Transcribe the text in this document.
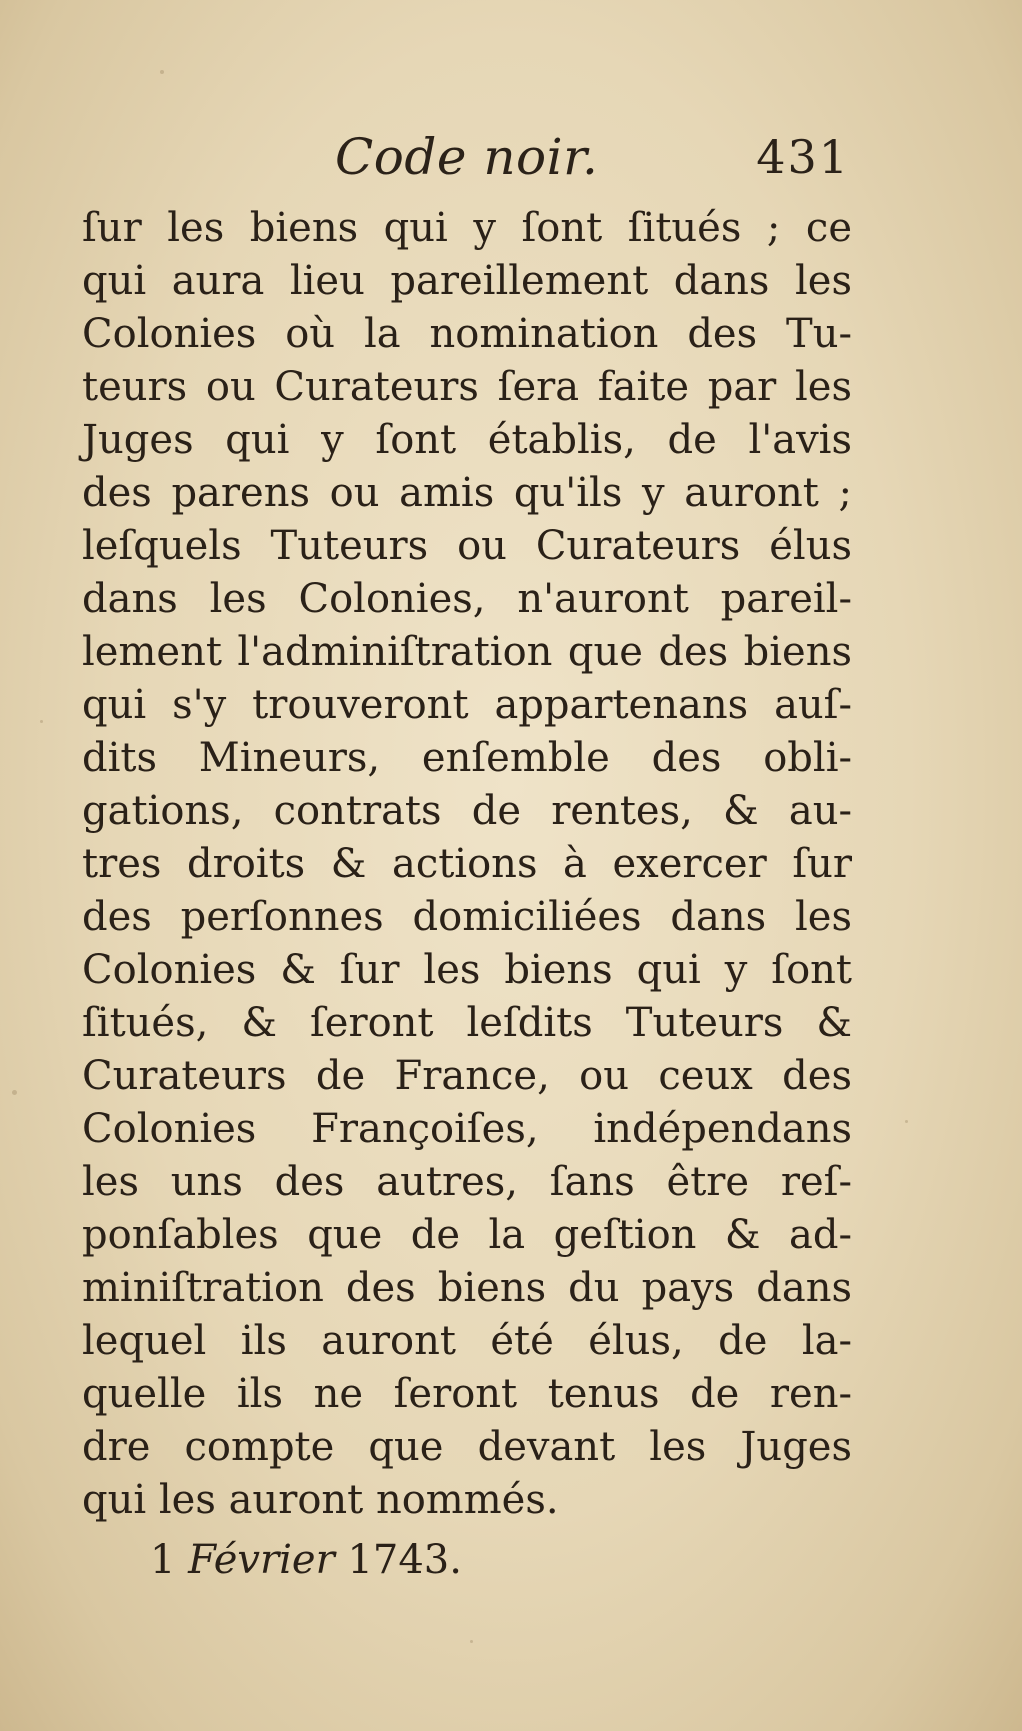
Code noir.	431
ſur les biens qui y ſont ſitués ; ce
qui aura lieu pareillement dans les
Colonies où la nomination des Tu-
teurs ou Curateurs ſera faite par les
Juges qui y ſont établis, de l'avis
des parens ou amis qu'ils y auront ;
leſquels Tuteurs ou Curateurs élus
dans les Colonies, n'auront pareil-
lement l'adminiſtration que des biens
qui s'y trouveront appartenans auſ-
dits Mineurs, enſemble des obli-
gations, contrats de rentes, & au-
tres droits & actions à exercer ſur
des perſonnes domiciliées dans les
Colonies & ſur les biens qui y ſont
ſitués, & ſeront leſdits Tuteurs &
Curateurs de France, ou ceux des
Colonies Françoiſes, indépendans
les uns des autres, ſans être reſ-
ponſables que de la geſtion & ad-
miniſtration des biens du pays dans
lequel ils auront été élus, de la-
quelle ils ne ſeront tenus de ren-
dre compte que devant les Juges
qui les auront nommés.
1 Février 1743.
